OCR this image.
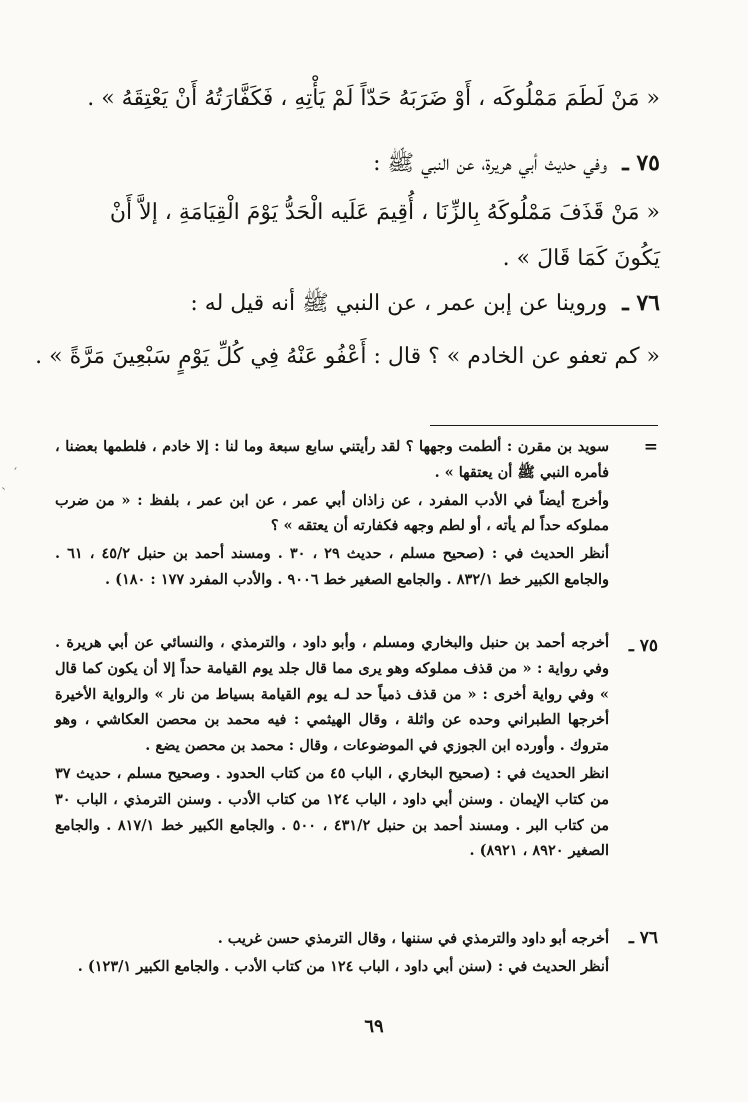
« مَنْ لَطَمَ مَمْلُوكَه ، أَوْ ضَرَبَهُ حَدّاً لَمْ يَأْتِهِ ، فَكَفَّارَتُهُ أَنْ يَعْتِقَهُ » .
٧٥ ـ وفي حديث أبي هريرة، عن النبي ﷺ :
« مَنْ قَذَفَ مَمْلُوكَهُ بِالزِّنَا ، أُقِيمَ عَلَيه الْحَدُّ يَوْمَ الْقِيَامَةِ ، إلاَّ أَنْ يَكُونَ كَمَا قَالَ » .
٧٦ ـ وروينا عن إبن عمر ، عن النبي ﷺ أنه قيل له :
« كم تعفو عن الخادم » ؟ قال : أَعْفُو عَنْهُ فِي كُلِّ يَوْمٍ سَبْعِينَ مَرَّةً » .
=

سويد بن مقرن : ألطمت وجهها ؟ لقد رأيتني سابع سبعة وما لنا : إلا خادم ، فلطمها بعضنا ، فأمره النبي ﷺ أن يعتقها » .

وأخرج أيضاً في الأدب المفرد ، عن زاذان أبي عمر ، عن ابن عمر ، بلفظ : « من ضرب مملوكه حداً لم يأته ، أو لطم وجهه فكفارته أن يعتقه » ؟

أنظر الحديث في : (صحيح مسلم ، حديث ٢٩ ، ٣٠ . ومسند أحمد بن حنبل ٤٥/٢ ، ٦١ . والجامع الكبير خط ٨٣٢/١ . والجامع الصغير خط ٩٠٠٦ . والأدب المفرد ١٧٧ : ١٨٠) .

٧٥ ـ

أخرجه أحمد بن حنبل والبخاري ومسلم ، وأبو داود ، والترمذي ، والنسائي عن أبي هريرة . وفي رواية : « من قذف مملوكه وهو يرى مما قال جلد يوم القيامة حداً إلا أن يكون كما قال » وفي رواية أخرى : « من قذف ذمياً حد لـه يوم القيامة بسياط من نار » والرواية الأخيرة أخرجها الطبراني وحده عن واثلة ، وقال الهيثمي : فيه محمد بن محصن العكاشي ، وهو متروك . وأورده ابن الجوزي في الموضوعات ، وقال : محمد بن محصن يضع .

انظر الحديث في : (صحيح البخاري ، الباب ٤٥ من كتاب الحدود . وصحيح مسلم ، حديث ٣٧ من كتاب الإيمان . وسنن أبي داود ، الباب ١٢٤ من كتاب الأدب . وسنن الترمذي ، الباب ٣٠ من كتاب البر . ومسند أحمد بن حنبل ٤٣١/٢ ، ٥٠٠ . والجامع الكبير خط ٨١٧/١ . والجامع الصغير ٨٩٢٠ ، ٨٩٢١) .

٧٦ ـ

أخرجه أبو داود والترمذي في سننها ، وقال الترمذي حسن غريب .

أنظر الحديث في : (سنن أبي داود ، الباب ١٢٤ من كتاب الأدب . والجامع الكبير ١٢٣/١) .

٦٩
